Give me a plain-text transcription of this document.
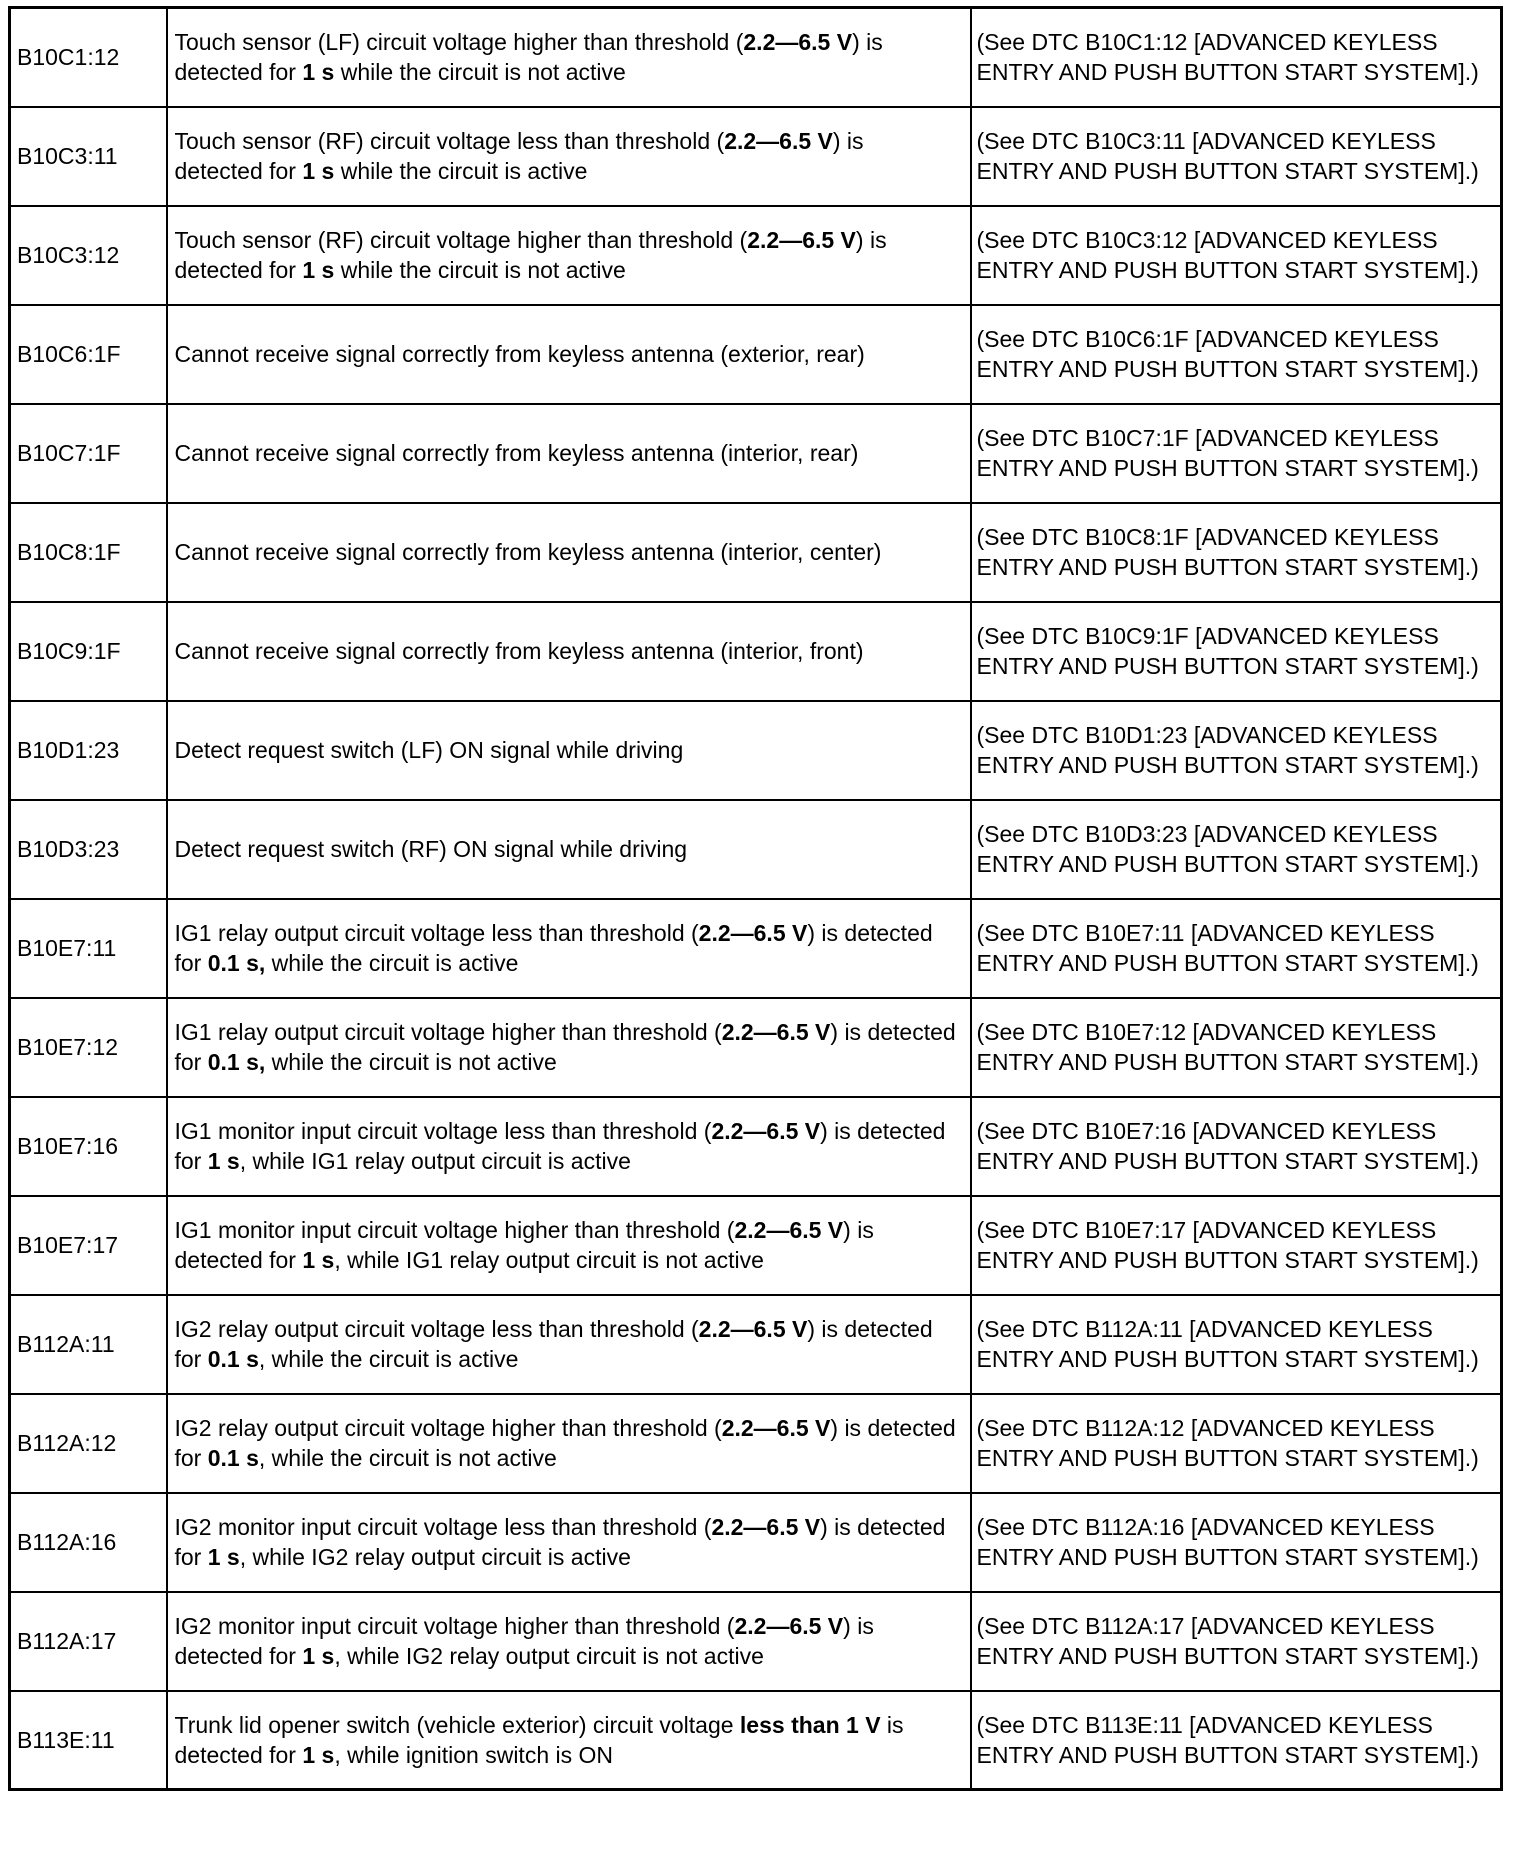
B10C1:12	Touch sensor (LF) circuit voltage higher than threshold (2.2—6.5 V) is detected for 1 s while the circuit is not active	(See DTC B10C1:12 [ADVANCED KEYLESS ENTRY AND PUSH BUTTON START SYSTEM].)
B10C3:11	Touch sensor (RF) circuit voltage less than threshold (2.2—6.5 V) is detected for 1 s while the circuit is active	(See DTC B10C3:11 [ADVANCED KEYLESS ENTRY AND PUSH BUTTON START SYSTEM].)
B10C3:12	Touch sensor (RF) circuit voltage higher than threshold (2.2—6.5 V) is detected for 1 s while the circuit is not active	(See DTC B10C3:12 [ADVANCED KEYLESS ENTRY AND PUSH BUTTON START SYSTEM].)
B10C6:1F	Cannot receive signal correctly from keyless antenna (exterior, rear)	(See DTC B10C6:1F [ADVANCED KEYLESS ENTRY AND PUSH BUTTON START SYSTEM].)
B10C7:1F	Cannot receive signal correctly from keyless antenna (interior, rear)	(See DTC B10C7:1F [ADVANCED KEYLESS ENTRY AND PUSH BUTTON START SYSTEM].)
B10C8:1F	Cannot receive signal correctly from keyless antenna (interior, center)	(See DTC B10C8:1F [ADVANCED KEYLESS ENTRY AND PUSH BUTTON START SYSTEM].)
B10C9:1F	Cannot receive signal correctly from keyless antenna (interior, front)	(See DTC B10C9:1F [ADVANCED KEYLESS ENTRY AND PUSH BUTTON START SYSTEM].)
B10D1:23	Detect request switch (LF) ON signal while driving	(See DTC B10D1:23 [ADVANCED KEYLESS ENTRY AND PUSH BUTTON START SYSTEM].)
B10D3:23	Detect request switch (RF) ON signal while driving	(See DTC B10D3:23 [ADVANCED KEYLESS ENTRY AND PUSH BUTTON START SYSTEM].)
B10E7:11	IG1 relay output circuit voltage less than threshold (2.2—6.5 V) is detected for 0.1 s, while the circuit is active	(See DTC B10E7:11 [ADVANCED KEYLESS ENTRY AND PUSH BUTTON START SYSTEM].)
B10E7:12	IG1 relay output circuit voltage higher than threshold (2.2—6.5 V) is detected for 0.1 s, while the circuit is not active	(See DTC B10E7:12 [ADVANCED KEYLESS ENTRY AND PUSH BUTTON START SYSTEM].)
B10E7:16	IG1 monitor input circuit voltage less than threshold (2.2—6.5 V) is detected for 1 s, while IG1 relay output circuit is active	(See DTC B10E7:16 [ADVANCED KEYLESS ENTRY AND PUSH BUTTON START SYSTEM].)
B10E7:17	IG1 monitor input circuit voltage higher than threshold (2.2—6.5 V) is detected for 1 s, while IG1 relay output circuit is not active	(See DTC B10E7:17 [ADVANCED KEYLESS ENTRY AND PUSH BUTTON START SYSTEM].)
B112A:11	IG2 relay output circuit voltage less than threshold (2.2—6.5 V) is detected for 0.1 s, while the circuit is active	(See DTC B112A:11 [ADVANCED KEYLESS ENTRY AND PUSH BUTTON START SYSTEM].)
B112A:12	IG2 relay output circuit voltage higher than threshold (2.2—6.5 V) is detected for 0.1 s, while the circuit is not active	(See DTC B112A:12 [ADVANCED KEYLESS ENTRY AND PUSH BUTTON START SYSTEM].)
B112A:16	IG2 monitor input circuit voltage less than threshold (2.2—6.5 V) is detected for 1 s, while IG2 relay output circuit is active	(See DTC B112A:16 [ADVANCED KEYLESS ENTRY AND PUSH BUTTON START SYSTEM].)
B112A:17	IG2 monitor input circuit voltage higher than threshold (2.2—6.5 V) is detected for 1 s, while IG2 relay output circuit is not active	(See DTC B112A:17 [ADVANCED KEYLESS ENTRY AND PUSH BUTTON START SYSTEM].)
B113E:11	Trunk lid opener switch (vehicle exterior) circuit voltage less than 1 V is detected for 1 s, while ignition switch is ON	(See DTC B113E:11 [ADVANCED KEYLESS ENTRY AND PUSH BUTTON START SYSTEM].)
